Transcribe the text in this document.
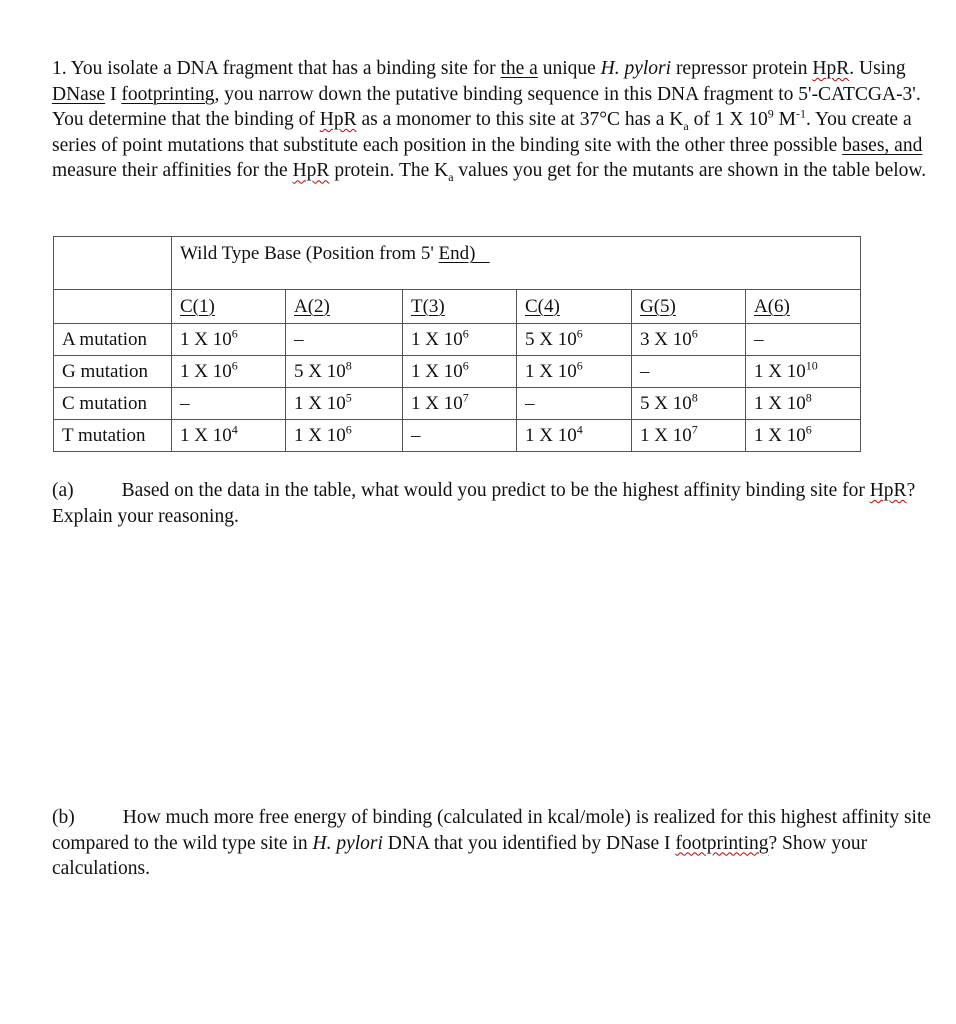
1. You isolate a DNA fragment that has a binding site for the a unique H. pylori repressor protein HpR. Using DNase I footprinting, you narrow down the putative binding sequence in this DNA fragment to 5'-CATCGA-3'. You determine that the binding of HpR as a monomer to this site at 37°C has a $K_a$ of 1 X $10^9$ $M^{-1}$. You create a series of point mutations that substitute each position in the binding site with the other three possible bases, and measure their affinities for the HpR protein. The $K_a$ values you get for the mutants are shown in the table below.

	Wild Type Base (Position from 5' End)					
	C(1)	A(2)	T(3)	C(4)	G(5)	A(6)
A mutation	1 X $10^6$	–	1 X $10^6$	5 X $10^6$	3 X $10^6$	–
G mutation	1 X $10^6$	5 X $10^8$	1 X $10^6$	1 X $10^6$	–	1 X $10^{10}$
C mutation	–	1 X $10^5$	1 X $10^7$	–	5 X $10^8$	1 X $10^8$
T mutation	1 X $10^4$	1 X $10^6$	–	1 X $10^4$	1 X $10^7$	1 X $10^6$

(a) Based on the data in the table, what would you predict to be the highest affinity binding site for HpR? Explain your reasoning.

(b) How much more free energy of binding (calculated in kcal/mole) is realized for this highest affinity site compared to the wild type site in H. pylori DNA that you identified by DNase I footprinting? Show your calculations.
